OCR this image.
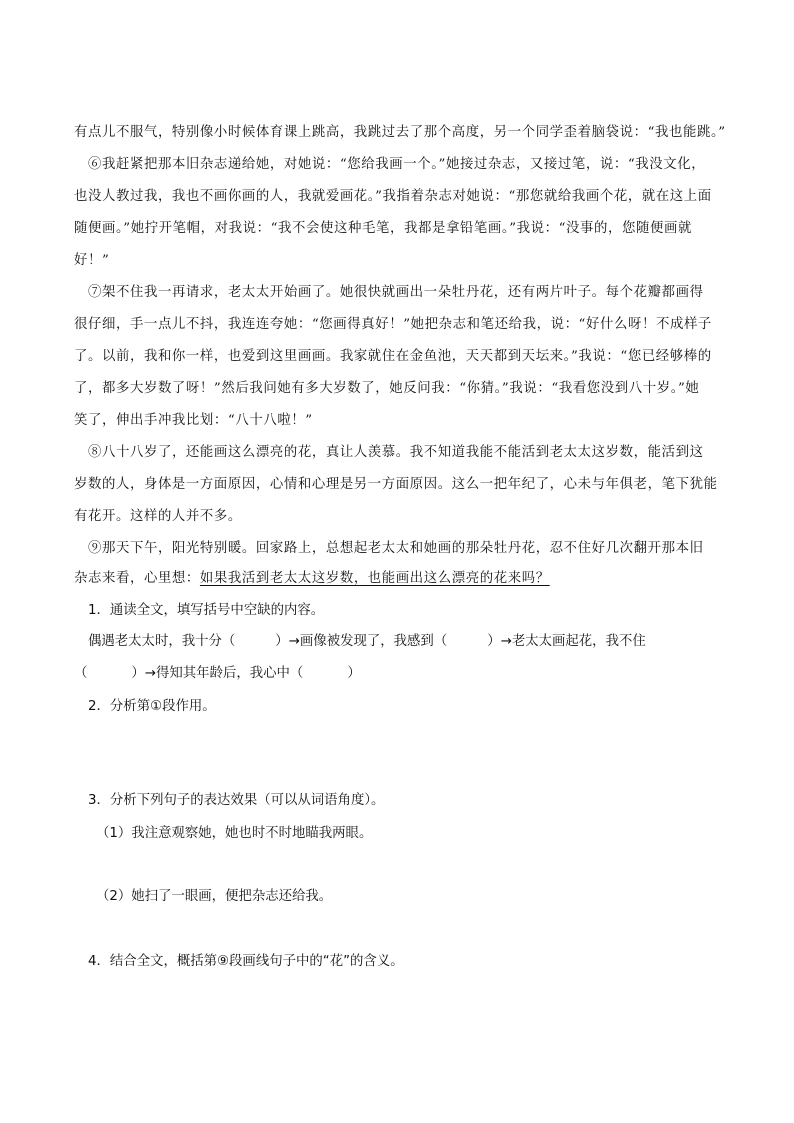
有点儿不服气，特别像小时候体育课上跳高，我跳过去了那个高度，另一个同学歪着脑袋说：“我也能跳。”
⑥我赶紧把那本旧杂志递给她，对她说：“您给我画一个。”她接过杂志，又接过笔，说：“我没文化，
也没人教过我，我也不画你画的人，我就爱画花。”我指着杂志对她说：“那您就给我画个花，就在这上面
随便画。”她拧开笔帽，对我说：“我不会使这种毛笔，我都是拿铅笔画。”我说：“没事的，您随便画就
好！”
⑦架不住我一再请求，老太太开始画了。她很快就画出一朵牡丹花，还有两片叶子。每个花瓣都画得
很仔细，手一点儿不抖，我连连夸她：“您画得真好！”她把杂志和笔还给我，说：“好什么呀！不成样子
了。以前，我和你一样，也爱到这里画画。我家就住在金鱼池，天天都到天坛来。”我说：“您已经够棒的
了，都多大岁数了呀！”然后我问她有多大岁数了，她反问我：“你猜。”我说：“我看您没到八十岁。”她
笑了，伸出手冲我比划：“八十八啦！”
⑧八十八岁了，还能画这么漂亮的花，真让人羡慕。我不知道我能不能活到老太太这岁数，能活到这
岁数的人，身体是一方面原因，心情和心理是另一方面原因。这么一把年纪了，心未与年俱老，笔下犹能
有花开。这样的人并不多。
⑨那天下午，阳光特别暖。回家路上，总想起老太太和她画的那朵牡丹花，忍不住好几次翻开那本旧
杂志来看，心里想：如果我活到老太太这岁数，也能画出这么漂亮的花来吗？
1．通读全文，填写括号中空缺的内容。
偶遇老太太时，我十分（	）→画像被发现了，我感到（	）→老太太画起花，我不住
（	）→得知其年龄后，我心中（	）
2．分析第①段作用。
3．分析下列句子的表达效果（可以从词语角度）。
（1）我注意观察她，她也时不时地瞄我两眼。
（2）她扫了一眼画，便把杂志还给我。
4．结合全文，概括第⑨段画线句子中的“花”的含义。
